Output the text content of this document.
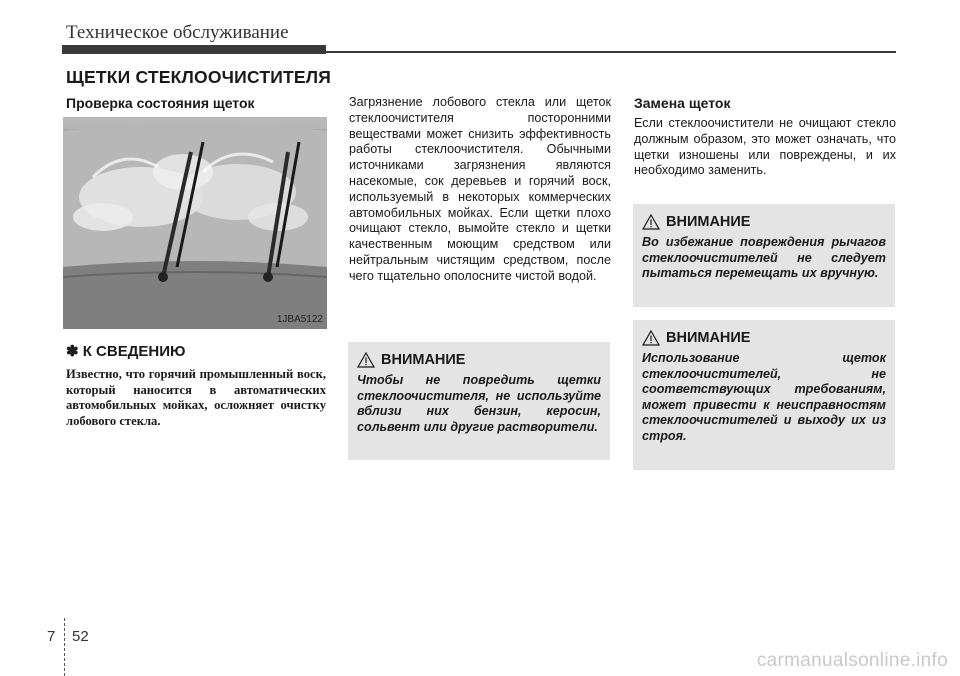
Техническое обслуживание
ЩЕТКИ СТЕКЛООЧИСТИТЕЛЯ
Проверка состояния щеток
1JBA5122
✽ К СВЕДЕНИЮ
Известно, что горячий промышленный воск, который наносится в автоматических автомобильных мойках, осложняет очистку лобового стекла.
Загрязнение лобового стекла или щеток стеклоочистителя посторонними веществами может снизить эффективность работы стеклоочистителя. Обычными источниками загрязнения являются насекомые, сок деревьев и горячий воск, используемый в некоторых коммерческих автомобильных мойках. Если щетки плохо очищают стекло, вымойте стекло и щетки качественным моющим средством или нейтральным чистящим средством, после чего тщательно ополосните чистой водой.
ВНИМАНИЕ
Чтобы не повредить щетки стеклоочистителя, не используйте вблизи них бензин, керосин, сольвент или другие растворители.
Замена щеток
Если стеклоочистители не очищают стекло должным образом, это может означать, что щетки изношены или повреждены, и их необходимо заменить.
ВНИМАНИЕ
Во избежание повреждения рычагов стеклоочистителей не следует пытаться перемещать их вручную.
ВНИМАНИЕ
Использование щеток стеклоочистителей, не соответствующих требованиям, может привести к неисправностям стеклоочистителей и выходу их из строя.
7 52
carmanualsonline.info
